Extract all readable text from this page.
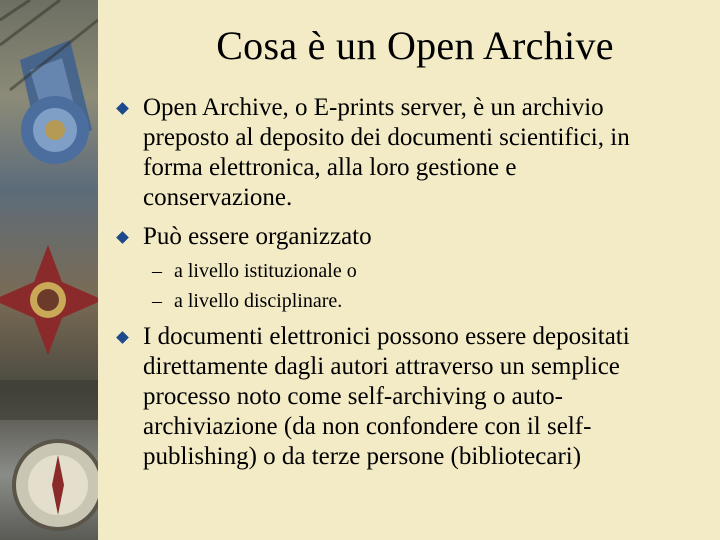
Cosa è un Open Archive
Open Archive, o E-prints server, è un archivio
preposto al deposito dei documenti scientifici, in
forma elettronica, alla loro gestione e
conservazione.
Può essere organizzato
– a livello istituzionale o
– a livello disciplinare.
I documenti elettronici possono essere depositati
direttamente dagli autori attraverso un semplice
processo noto come self-archiving o auto-
archiviazione (da non confondere con il self-
publishing) o da terze persone (bibliotecari)
